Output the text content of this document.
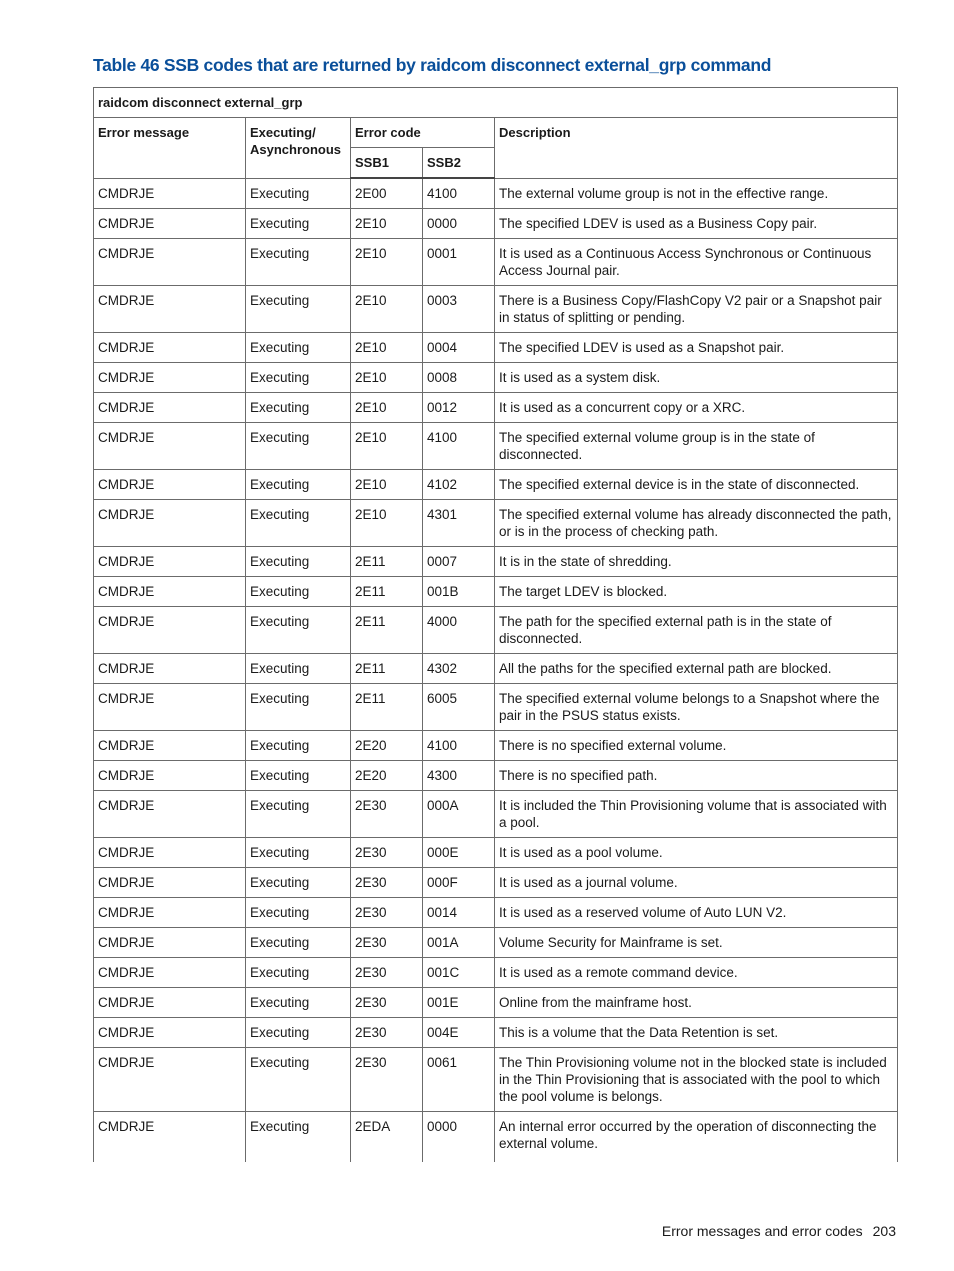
Table 46 SSB codes that are returned by raidcom disconnect external_grp command
raidcom disconnect external_grp				
Error message	Executing/ Asynchronous	Error code		Description
		SSB1	SSB2	
CMDRJE	Executing	2E00	4100	The external volume group is not in the effective range.
CMDRJE	Executing	2E10	0000	The specified LDEV is used as a Business Copy pair.
CMDRJE	Executing	2E10	0001	It is used as a Continuous Access Synchronous or Continuous Access Journal pair.
CMDRJE	Executing	2E10	0003	There is a Business Copy/FlashCopy V2 pair or a Snapshot pair in status of splitting or pending.
CMDRJE	Executing	2E10	0004	The specified LDEV is used as a Snapshot pair.
CMDRJE	Executing	2E10	0008	It is used as a system disk.
CMDRJE	Executing	2E10	0012	It is used as a concurrent copy or a XRC.
CMDRJE	Executing	2E10	4100	The specified external volume group is in the state of disconnected.
CMDRJE	Executing	2E10	4102	The specified external device is in the state of disconnected.
CMDRJE	Executing	2E10	4301	The specified external volume has already disconnected the path, or is in the process of checking path.
CMDRJE	Executing	2E11	0007	It is in the state of shredding.
CMDRJE	Executing	2E11	001B	The target LDEV is blocked.
CMDRJE	Executing	2E11	4000	The path for the specified external path is in the state of disconnected.
CMDRJE	Executing	2E11	4302	All the paths for the specified external path are blocked.
CMDRJE	Executing	2E11	6005	The specified external volume belongs to a Snapshot where the pair in the PSUS status exists.
CMDRJE	Executing	2E20	4100	There is no specified external volume.
CMDRJE	Executing	2E20	4300	There is no specified path.
CMDRJE	Executing	2E30	000A	It is included the Thin Provisioning volume that is associated with a pool.
CMDRJE	Executing	2E30	000E	It is used as a pool volume.
CMDRJE	Executing	2E30	000F	It is used as a journal volume.
CMDRJE	Executing	2E30	0014	It is used as a reserved volume of Auto LUN V2.
CMDRJE	Executing	2E30	001A	Volume Security for Mainframe is set.
CMDRJE	Executing	2E30	001C	It is used as a remote command device.
CMDRJE	Executing	2E30	001E	Online from the mainframe host.
CMDRJE	Executing	2E30	004E	This is a volume that the Data Retention is set.
CMDRJE	Executing	2E30	0061	The Thin Provisioning volume not in the blocked state is included in the Thin Provisioning that is associated with the pool to which the pool volume is belongs.
CMDRJE	Executing	2EDA	0000	An internal error occurred by the operation of disconnecting the external volume.
Error messages and error codes 203
